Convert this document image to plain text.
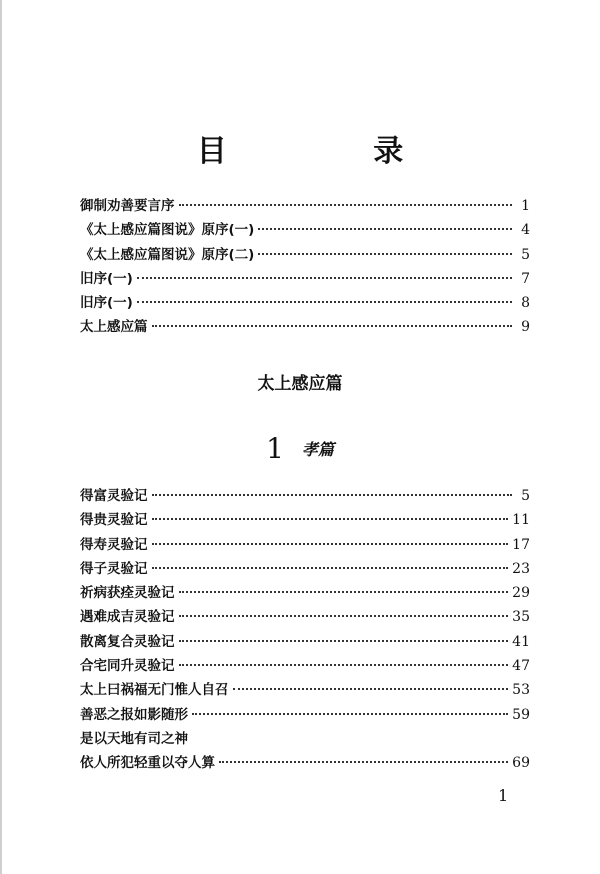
目 录
御制劝善要言序	1
《太上感应篇图说》原序(一)	4
《太上感应篇图说》原序(二)	5
旧序(一)	7
旧序(一)	8
太上感应篇	9
太上感应篇
1 孝篇
得富灵验记	5
得贵灵验记	11
得寿灵验记	17
得子灵验记	23
祈病获痊灵验记	29
遇难成吉灵验记	35
散离复合灵验记	41
合宅同升灵验记	47
太上曰祸福无门惟人自召	53
善恶之报如影随形	59
是以天地有司之神
依人所犯轻重以夺人算	69
1
